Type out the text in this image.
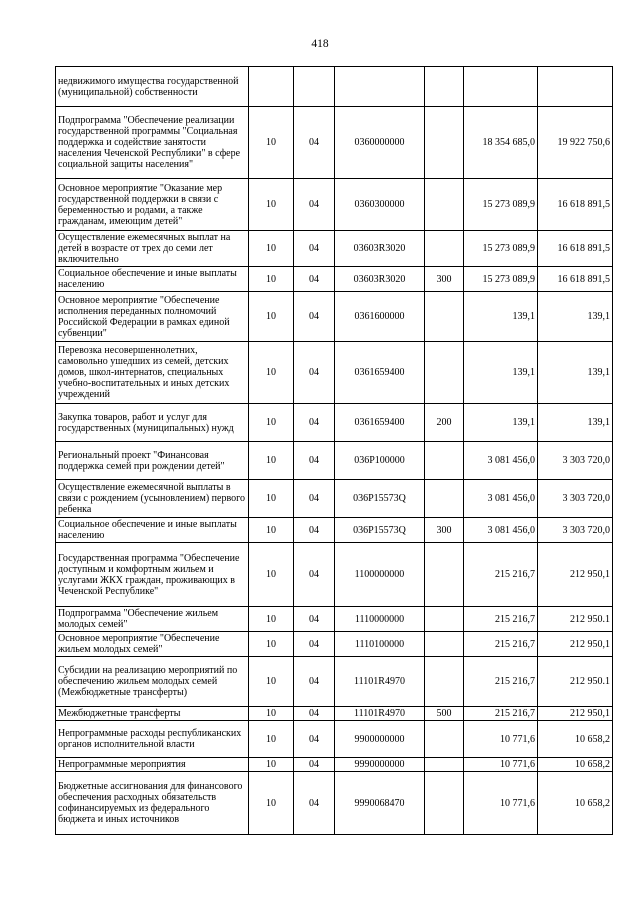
418
недвижимого имущества государственной (муниципальной) собственности						
Подпрограмма "Обеспечение реализации государственной программы "Социальная поддержка и содействие занятости населения Чеченской Республики" в сфере социальной защиты населения"	10	04	0360000000		18 354 685,0	19 922 750,6
Основное мероприятие "Оказание мер государственной поддержки в связи с беременностью и родами, а также гражданам, имеющим детей"	10	04	0360300000		15 273 089,9	16 618 891,5
Осуществление ежемесячных выплат на детей в возрасте от трех до семи лет включительно	10	04	03603R3020		15 273 089,9	16 618 891,5
Социальное обеспечение и иные выплаты населению	10	04	03603R3020	300	15 273 089,9	16 618 891,5
Основное мероприятие "Обеспечение исполнения переданных полномочий Российской Федерации в рамках единой субвенции"	10	04	0361600000		139,1	139,1
Перевозка несовершеннолетних, самовольно ушедших из семей, детских домов, школ-интернатов, специальных учебно-воспитательных и иных детских учреждений	10	04	0361659400		139,1	139,1
Закупка товаров, работ и услуг для государственных (муниципальных) нужд	10	04	0361659400	200	139,1	139,1
Региональный проект "Финансовая поддержка семей при рождении детей"	10	04	036P100000		3 081 456,0	3 303 720,0
Осуществление ежемесячной выплаты в связи с рождением (усыновлением) первого ребенка	10	04	036P15573Q		3 081 456,0	3 303 720,0
Социальное обеспечение и иные выплаты населению	10	04	036P15573Q	300	3 081 456,0	3 303 720,0
Государственная программа "Обеспечение доступным и комфортным жильем и услугами ЖКХ граждан, проживающих в Чеченской Республике"	10	04	1100000000		215 216,7	212 950,1
Подпрограмма "Обеспечение жильем молодых семей"	10	04	1110000000		215 216,7	212 950.1
Основное мероприятие "Обеспечение жильем молодых семей"	10	04	1110100000		215 216,7	212 950,1
Субсидии на реализацию мероприятий по обеспечению жильем молодых семей (Межбюджетные трансферты)	10	04	11101R4970		215 216,7	212 950.1
Межбюджетные трансферты	10	04	11101R4970	500	215 216,7	212 950,1
Непрограммные расходы республиканских органов исполнительной власти	10	04	9900000000		10 771,6	10 658,2
Непрограммные мероприятия	10	04	9990000000		10 771,6	10 658,2
Бюджетные ассигнования для финансового обеспечения расходных обязательств софинансируемых из федерального бюджета и иных источников	10	04	9990068470		10 771,6	10 658,2
